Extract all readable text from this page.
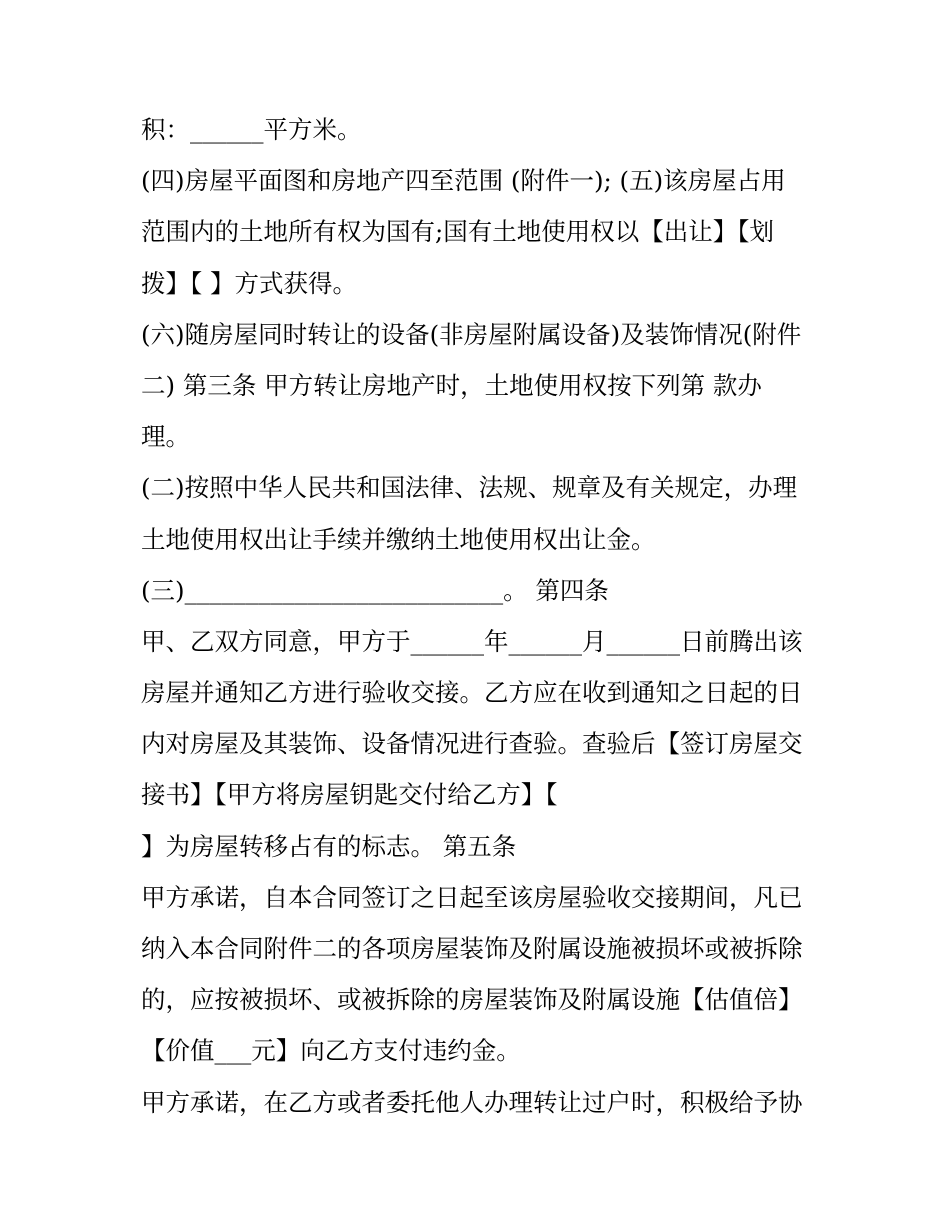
积：______平方米。
(四)房屋平面图和房地产四至范围 (附件一); (五)该房屋占用
范围内的土地所有权为国有;国有土地使用权以【出让】【划
拨】【 】方式获得。
(六)随房屋同时转让的设备(非房屋附属设备)及装饰情况(附件
二) 第三条 甲方转让房地产时，土地使用权按下列第 款办
理。
(二)按照中华人民共和国法律、法规、规章及有关规定，办理
土地使用权出让手续并缴纳土地使用权出让金。
(三)__________________________。 第四条
甲、乙双方同意，甲方于______年______月______日前腾出该
房屋并通知乙方进行验收交接。乙方应在收到通知之日起的日
内对房屋及其装饰、设备情况进行查验。查验后【签订房屋交
接书】【甲方将房屋钥匙交付给乙方】【
】为房屋转移占有的标志。 第五条
甲方承诺，自本合同签订之日起至该房屋验收交接期间，凡已
纳入本合同附件二的各项房屋装饰及附属设施被损坏或被拆除
的，应按被损坏、或被拆除的房屋装饰及附属设施【估值倍】
【价值___元】向乙方支付违约金。
甲方承诺，在乙方或者委托他人办理转让过户时，积极给予协
